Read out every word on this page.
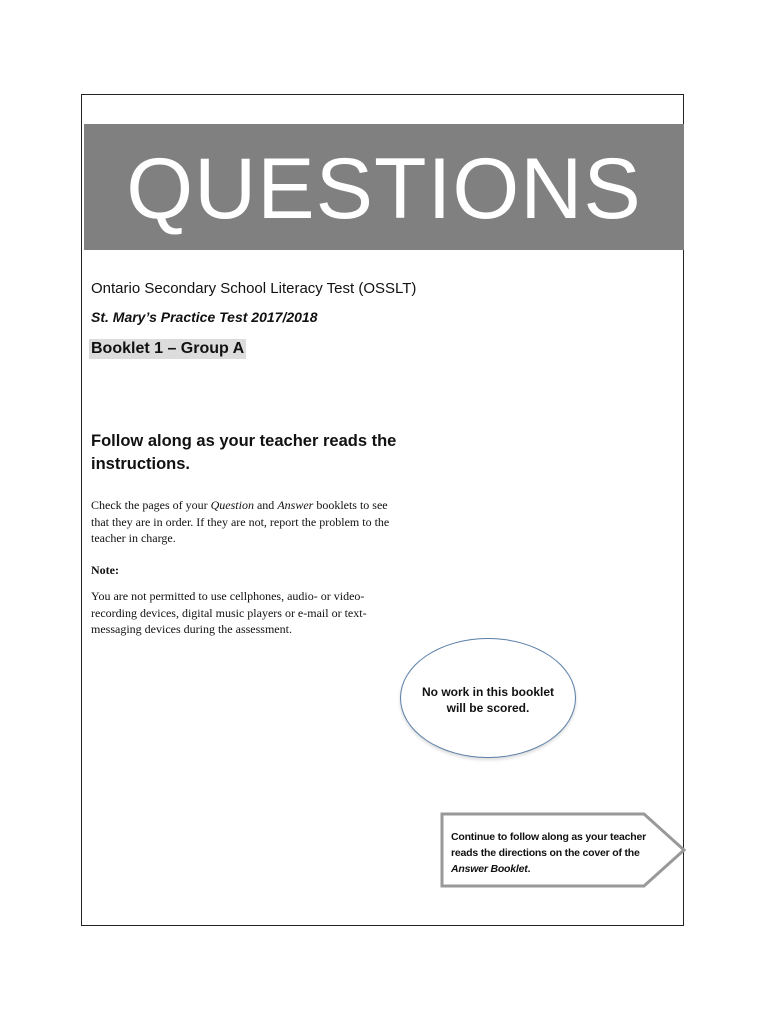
QUESTIONS
Ontario Secondary School Literacy Test (OSSLT)
St. Mary’s Practice Test 2017/2018
Booklet 1 – Group A
Follow along as your teacher reads the instructions.
Check the pages of your Question and Answer booklets to see that they are in order. If they are not, report the problem to the teacher in charge.
Note:
You are not permitted to use cellphones, audio- or video-recording devices, digital music players or e-mail or text-messaging devices during the assessment.
No work in this booklet
will be scored.
Continue to follow along as your teacher reads the directions on the cover of the Answer Booklet.
